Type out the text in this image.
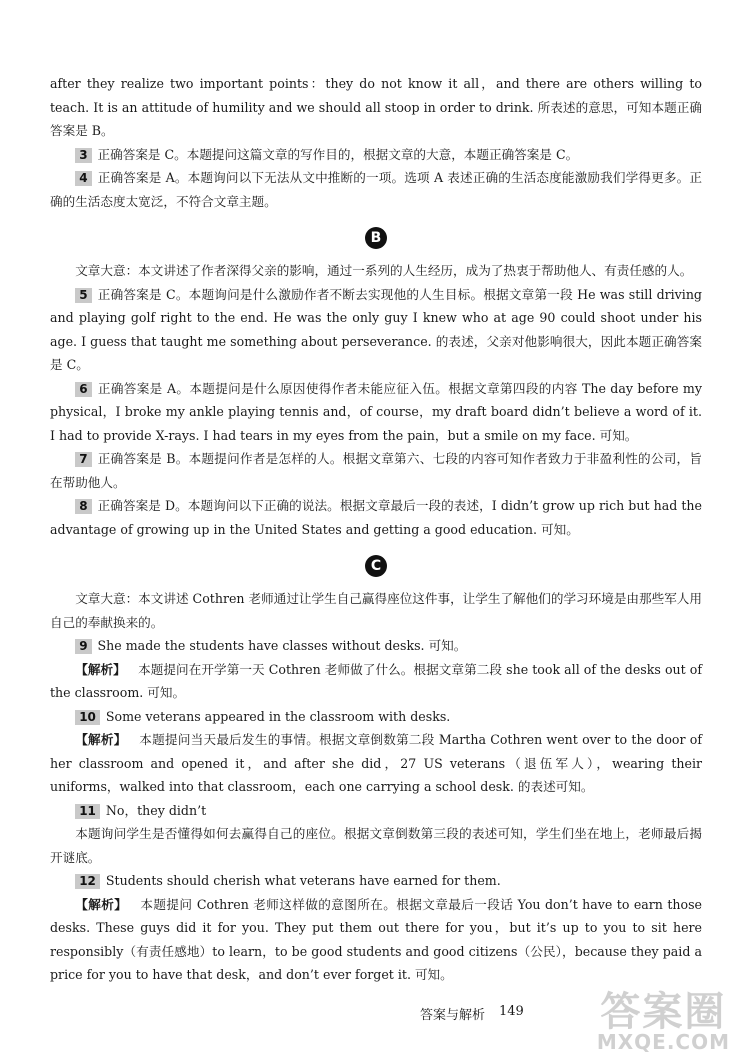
after they realize two important points：they do not know it all，and there are others willing to teach. It is an attitude of humility and we should all stoop in order to drink. 所表述的意思，可知本题正确答案是 B。

3 正确答案是 C。本题提问这篇文章的写作目的，根据文章的大意，本题正确答案是 C。

4 正确答案是 A。本题询问以下无法从文中推断的一项。选项 A 表述正确的生活态度能激励我们学得更多。正确的生活态度太宽泛，不符合文章主题。

B

文章大意：本文讲述了作者深得父亲的影响，通过一系列的人生经历，成为了热衷于帮助他人、有责任感的人。

5 正确答案是 C。本题询问是什么激励作者不断去实现他的人生目标。根据文章第一段 He was still driving and playing golf right to the end. He was the only guy I knew who at age 90 could shoot under his age. I guess that taught me something about perseverance. 的表述，父亲对他影响很大，因此本题正确答案是 C。

6 正确答案是 A。本题提问是什么原因使得作者未能应征入伍。根据文章第四段的内容 The day before my physical，I broke my ankle playing tennis and，of course，my draft board didn’t believe a word of it. I had to provide X-rays. I had tears in my eyes from the pain，but a smile on my face. 可知。

7 正确答案是 B。本题提问作者是怎样的人。根据文章第六、七段的内容可知作者致力于非盈利性的公司，旨在帮助他人。

8 正确答案是 D。本题询问以下正确的说法。根据文章最后一段的表述，I didn’t grow up rich but had the advantage of growing up in the United States and getting a good education. 可知。

C

文章大意：本文讲述 Cothren 老师通过让学生自己赢得座位这件事，让学生了解他们的学习环境是由那些军人用自己的奉献换来的。

9 She made the students have classes without desks. 可知。

【解析】 本题提问在开学第一天 Cothren 老师做了什么。根据文章第二段 she took all of the desks out of the classroom. 可知。

10 Some veterans appeared in the classroom with desks.

【解析】 本题提问当天最后发生的事情。根据文章倒数第二段 Martha Cothren went over to the door of her classroom and opened it，and after she did，27 US veterans（退伍军人），wearing their uniforms，walked into that classroom，each one carrying a school desk. 的表述可知。

11 No，they didn’t

本题询问学生是否懂得如何去赢得自己的座位。根据文章倒数第三段的表述可知，学生们坐在地上，老师最后揭开谜底。

12 Students should cherish what veterans have earned for them.

【解析】 本题提问 Cothren 老师这样做的意图所在。根据文章最后一段话 You don’t have to earn those desks. These guys did it for you. They put them out there for you，but it’s up to you to sit here responsibly（有责任感地）to learn，to be good students and good citizens（公民），because they paid a price for you to have that desk，and don’t ever forget it. 可知。

答案与解析 149 答案圈
MXQE.COM
